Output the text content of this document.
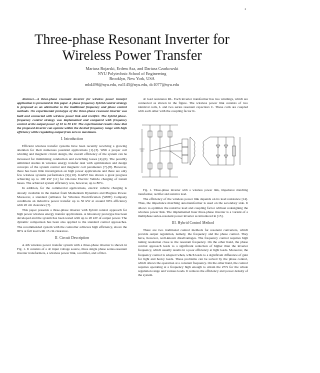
1
Three-phase Resonant Inverter for Wireless Power Transfer
Mariusz Bojarski, Erdem Asa, and Dariusz Czarkowski
NYU Polytechnic School of Engineering
Brooklyn, New York, USA
mb4496@nyu.edu, ea1145@nyu.edu, dc1077@nyu.edu

Abstract—A three-phase resonant inverter for wireless power transfer application is presented in this paper. A phase frequency hybrid control strategy is proposed as an alternative to the traditional frequency and phase control methods. On experimental prototype of the three-phase resonant inverter was built and connected with wireless power link and rectifier. The hybrid phase-frequency control strategy was implemented and compared with frequency control at the output power of 10 to 50 kW. The experimental results show that the proposed inverter can operate within the desired frequency range with high efficiency while regulating output from zero to maximum.

I. Introduction

Efficient wireless transfer systems have been recently receiving a growing attention for their numerous potential applications [1]-[3]. With a proper coil winding and magnetic circuit design, the overall efficiency of the system can be increased for minimizing conduction and switching losses [4]-[6]. The possibly unlimited studies in wireless energy transfer deal with optimization and design concepts of the system control and magnetic coil parameters [7]-[8]. However, there has been little investigation on high power applications and there are only few wireless systems performance [9]-[10]. KAIST has shown a great progress achieving up to 100 kW [11] for On-Line Electric Vehicle charging of transit buses. The achieved system efficiency was, however, up to 80%.

In addition, for the commercial applications, electric vehicle charging is already available in the market from Momentum Dynamics and Plugless Power. Moreover, a standard (Alliance for Wireless Electrification (WiPE) Company conditions an inductive power transfer up to 50 kW at around 90% efficiency with 20 cm clearance [7].

This paper presents a three-phase inverter with hybrid control approach for high power wireless energy transfer applications. A laboratory prototype has been developed and the system has been tested with up to 20 kW of output power. The dynamic comparison has been also applied to the standard control approaches. The recommended system with the controller achieves high efficiency, above the 90% at full load with 15 cm clearance.

II. Circuit Description

A 4th wireless power transfer system with a three-phase inverter is shown in Fig. 1. It consists of a dc input voltage source, three single phase series-resonant inverter transformers, a wireless power link, a rectifier, and a filter.

dc load resistance RL. Each inverter transformer has two windings, which are connected as shown in the figure. The wireless power link consists of two identical coils, L and two series resonant capacitors C. These coils are coupled with each other with the coupling factor K.

Fig. 1. Three-phase inverter with a wireless power link, impedance matching transformer, rectifier and resistive load.

The efficiency of the wireless power link depends on its load resistance [14]. Thus, the impedance matching autotransformer is used on the secondary side. It allows to optimize the resistive load and coupling factor without redesigning the wireless power link. The implemented hour three-phase inverter is a variant of a multiphase series-resonant power inverter as introduced in [15].

III. Hybrid Control Method

There are two traditional control methods for resonant converters, which provide output regulation, namely, the frequency and the phase control. They have, however, well-known disadvantages. The frequency control requires high tuning resolution close to the resonant frequency. On the other hand, the phase control approach leads to a significant reduction of higher than the inverter frequency, which usually results in a poor efficiency at light loads. Moreover, the frequency control is adopted when, which leads to a significant difference of gain for light and heavy loads. These problems can be solved by the phase control, which allows the operation at a constant frequency. On the other hand, the control requires operating at a frequency high enough to obtain the ZVS for the whole regulation range and various loads. It reduces the efficiency and power density of the system.
